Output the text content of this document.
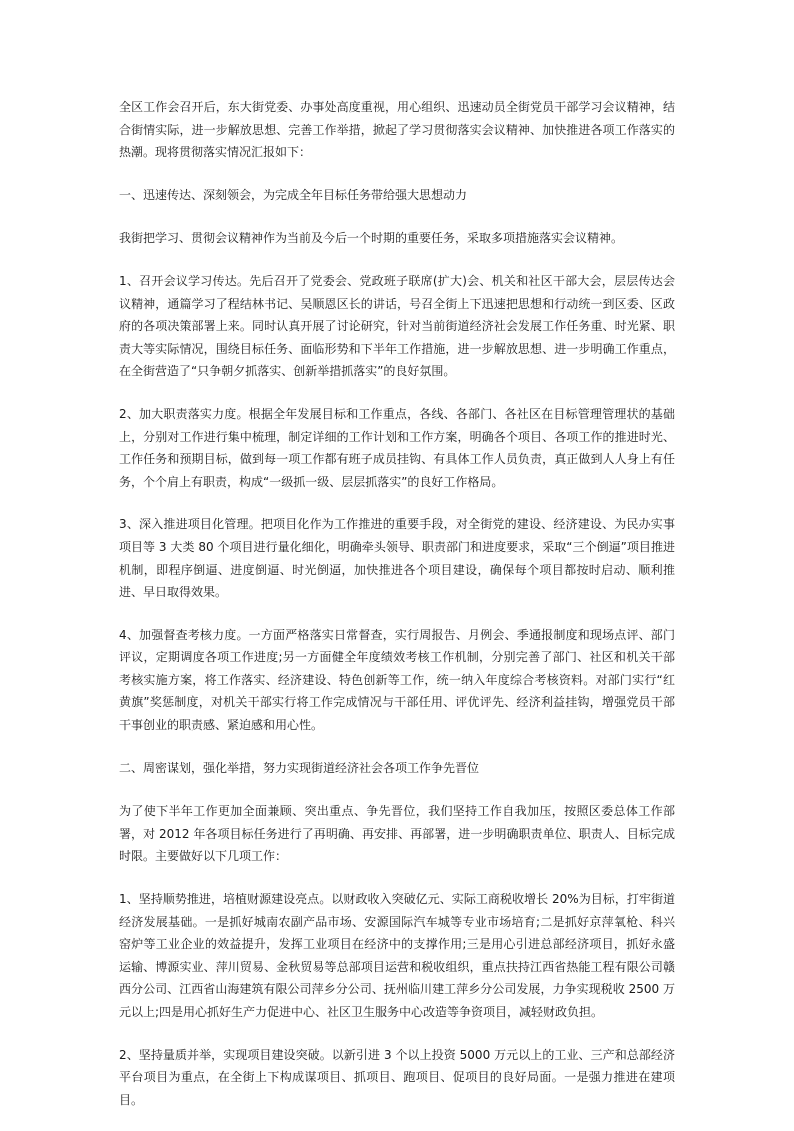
全区工作会召开后，东大街党委、办事处高度重视，用心组织、迅速动员全街党员干部学习会议精神，结合街情实际，进一步解放思想、完善工作举措，掀起了学习贯彻落实会议精神、加快推进各项工作落实的热潮。现将贯彻落实情况汇报如下：

一、迅速传达、深刻领会，为完成全年目标任务带给强大思想动力

我街把学习、贯彻会议精神作为当前及今后一个时期的重要任务，采取多项措施落实会议精神。

1、召开会议学习传达。先后召开了党委会、党政班子联席(扩大)会、机关和社区干部大会，层层传达会议精神，通篇学习了程结林书记、吴顺恩区长的讲话，号召全街上下迅速把思想和行动统一到区委、区政府的各项决策部署上来。同时认真开展了讨论研究，针对当前街道经济社会发展工作任务重、时光紧、职责大等实际情况，围绕目标任务、面临形势和下半年工作措施，进一步解放思想、进一步明确工作重点，在全街营造了“只争朝夕抓落实、创新举措抓落实”的良好氛围。

2、加大职责落实力度。根据全年发展目标和工作重点，各线、各部门、各社区在目标管理管理状的基础上，分别对工作进行集中梳理，制定详细的工作计划和工作方案，明确各个项目、各项工作的推进时光、工作任务和预期目标，做到每一项工作都有班子成员挂钩、有具体工作人员负责，真正做到人人身上有任务，个个肩上有职责，构成“一级抓一级、层层抓落实”的良好工作格局。

3、深入推进项目化管理。把项目化作为工作推进的重要手段，对全街党的建设、经济建设、为民办实事项目等 3 大类 80 个项目进行量化细化，明确牵头领导、职责部门和进度要求，采取“三个倒逼”项目推进机制，即程序倒逼、进度倒逼、时光倒逼，加快推进各个项目建设，确保每个项目都按时启动、顺利推进、早日取得效果。

4、加强督查考核力度。一方面严格落实日常督查，实行周报告、月例会、季通报制度和现场点评、部门评议，定期调度各项工作进度;另一方面健全年度绩效考核工作机制，分别完善了部门、社区和机关干部考核实施方案，将工作落实、经济建设、特色创新等工作，统一纳入年度综合考核资料。对部门实行“红黄旗”奖惩制度，对机关干部实行将工作完成情况与干部任用、评优评先、经济利益挂钩，增强党员干部干事创业的职责感、紧迫感和用心性。

二、周密谋划，强化举措，努力实现街道经济社会各项工作争先晋位

为了使下半年工作更加全面兼顾、突出重点、争先晋位，我们坚持工作自我加压，按照区委总体工作部署，对 2012 年各项目标任务进行了再明确、再安排、再部署，进一步明确职责单位、职责人、目标完成时限。主要做好以下几项工作：

1、坚持顺势推进，培植财源建设亮点。以财政收入突破亿元、实际工商税收增长 20%为目标，打牢街道经济发展基础。一是抓好城南农副产品市场、安源国际汽车城等专业市场培育;二是抓好京萍氧枪、科兴窑炉等工业企业的效益提升，发挥工业项目在经济中的支撑作用;三是用心引进总部经济项目，抓好永盛运输、博源实业、萍川贸易、金秋贸易等总部项目运营和税收组织，重点扶持江西省热能工程有限公司赣西分公司、江西省山海建筑有限公司萍乡分公司、抚州临川建工萍乡分公司发展，力争实现税收 2500 万元以上;四是用心抓好生产力促进中心、社区卫生服务中心改造等争资项目，减轻财政负担。

2、坚持量质并举，实现项目建设突破。以新引进 3 个以上投资 5000 万元以上的工业、三产和总部经济平台项目为重点，在全街上下构成谋项目、抓项目、跑项目、促项目的良好局面。一是强力推进在建项目。
